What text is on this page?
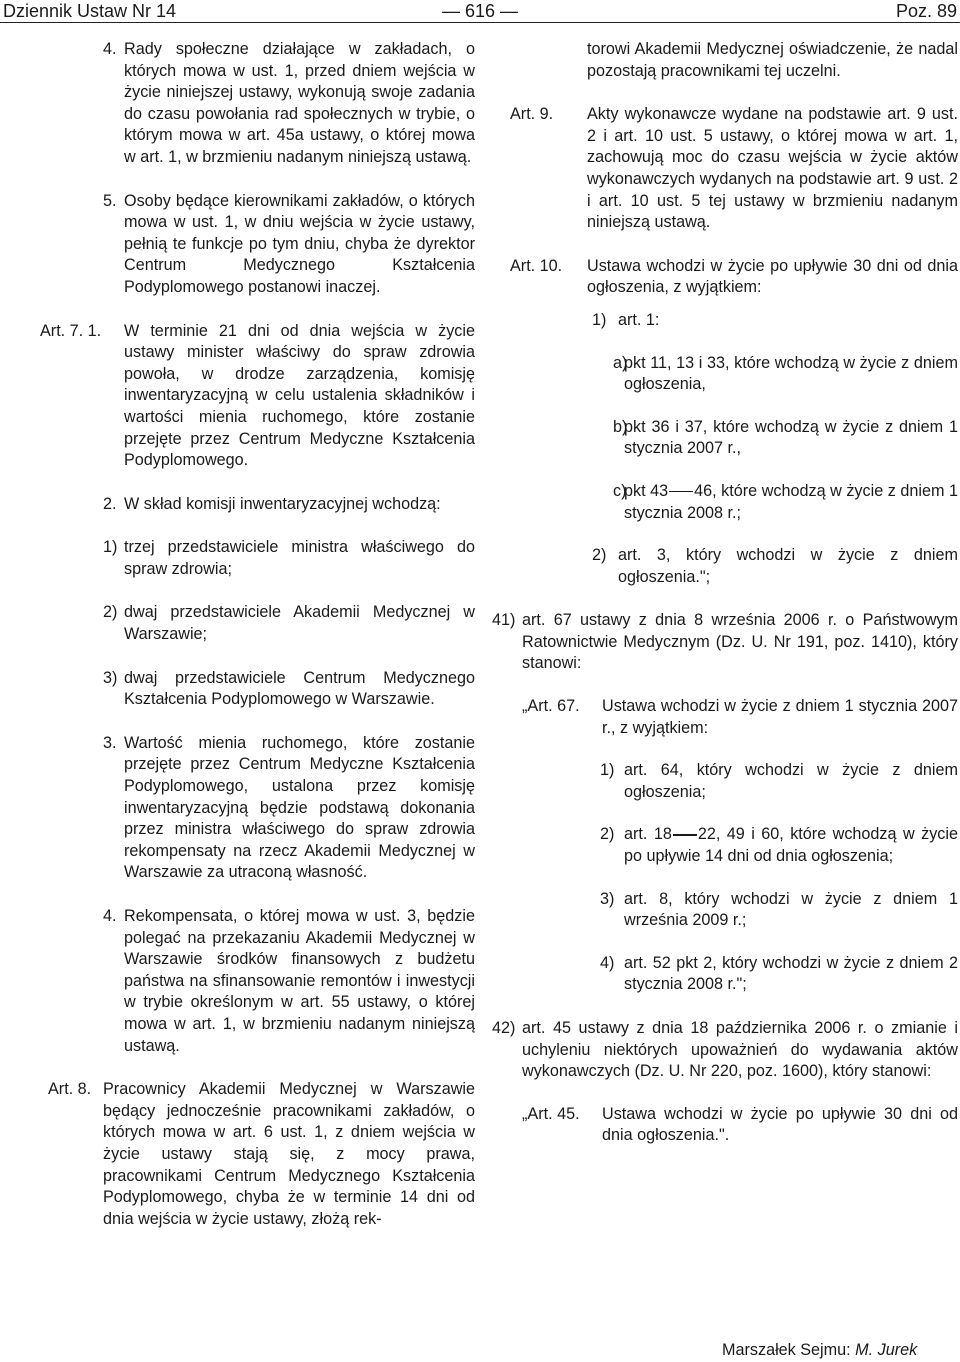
Dziennik Ustaw Nr 14	— 616 —	Poz. 89

4. Rady społeczne działające w zakładach, o których mowa w ust. 1, przed dniem wejścia w życie niniejszej ustawy, wykonują swoje zadania do czasu powołania rad społecznych w trybie, o którym mowa w art. 45a ustawy, o której mowa w art. 1, w brzmieniu nadanym niniejszą ustawą.

5. Osoby będące kierownikami zakładów, o których mowa w ust. 1, w dniu wejścia w życie ustawy, pełnią te funkcje po tym dniu, chyba że dyrektor Centrum Medycznego Kształcenia Podyplomowego postanowi inaczej.

Art. 7. 1. W terminie 21 dni od dnia wejścia w życie ustawy minister właściwy do spraw zdrowia powoła, w drodze zarządzenia, komisję inwentaryzacyjną w celu ustalenia składników i wartości mienia ruchomego, które zostanie przejęte przez Centrum Medyczne Kształcenia Podyplomowego.

2. W skład komisji inwentaryzacyjnej wchodzą:

1) trzej przedstawiciele ministra właściwego do spraw zdrowia;

2) dwaj przedstawiciele Akademii Medycznej w Warszawie;

3) dwaj przedstawiciele Centrum Medycznego Kształcenia Podyplomowego w Warszawie.

3. Wartość mienia ruchomego, które zostanie przejęte przez Centrum Medyczne Kształcenia Podyplomowego, ustalona przez komisję inwentaryzacyjną będzie podstawą dokonania przez ministra właściwego do spraw zdrowia rekompensaty na rzecz Akademii Medycznej w Warszawie za utraconą własność.

4. Rekompensata, o której mowa w ust. 3, będzie polegać na przekazaniu Akademii Medycznej w Warszawie środków finansowych z budżetu państwa na sfinansowanie remontów i inwestycji w trybie określonym w art. 55 ustawy, o której mowa w art. 1, w brzmieniu nadanym niniejszą ustawą.

Art. 8. Pracownicy Akademii Medycznej w Warszawie będący jednocześnie pracownikami zakładów, o których mowa w art. 6 ust. 1, z dniem wejścia w życie ustawy stają się, z mocy prawa, pracownikami Centrum Medycznego Kształcenia Podyplomowego, chyba że w terminie 14 dni od dnia wejścia w życie ustawy, złożą rek-

torowi Akademii Medycznej oświadczenie, że nadal pozostają pracownikami tej uczelni.

Art. 9. Akty wykonawcze wydane na podstawie art. 9 ust. 2 i art. 10 ust. 5 ustawy, o której mowa w art. 1, zachowują moc do czasu wejścia w życie aktów wykonawczych wydanych na podstawie art. 9 ust. 2 i art. 10 ust. 5 tej ustawy w brzmieniu nadanym niniejszą ustawą.

Art. 10. Ustawa wchodzi w życie po upływie 30 dni od dnia ogłoszenia, z wyjątkiem:

1) art. 1:

a)
pkt 11, 13 i 33, które wchodzą w życie z dniem ogłoszenia,

b)
pkt 36 i 37, które wchodzą w życie z dniem 1 stycznia 2007 r.,

c)
pkt 43 46, które wchodzą w życie z dniem 1 stycznia 2008 r.;

2) art. 3, który wchodzi w życie z dniem ogłoszenia.";

41) art. 67 ustawy z dnia 8 września 2006 r. o Państwowym Ratownictwie Medycznym (Dz. U. Nr 191, poz. 1410), który stanowi:

„Art. 67. Ustawa wchodzi w życie z dniem 1 stycznia 2007 r., z wyjątkiem:

1) art. 64, który wchodzi w życie z dniem ogłoszenia;

2) art. 18 22, 49 i 60, które wchodzą w życie po upływie 14 dni od dnia ogłoszenia;

3) art. 8, który wchodzi w życie z dniem 1 września 2009 r.;

4) art. 52 pkt 2, który wchodzi w życie z dniem 2 stycznia 2008 r.";

42) art. 45 ustawy z dnia 18 października 2006 r. o zmianie i uchyleniu niektórych upoważnień do wydawania aktów wykonawczych (Dz. U. Nr 220, poz. 1600), który stanowi:

„Art. 45. Ustawa wchodzi w życie po upływie 30 dni od dnia ogłoszenia.".

Marszałek Sejmu: M. Jurek
